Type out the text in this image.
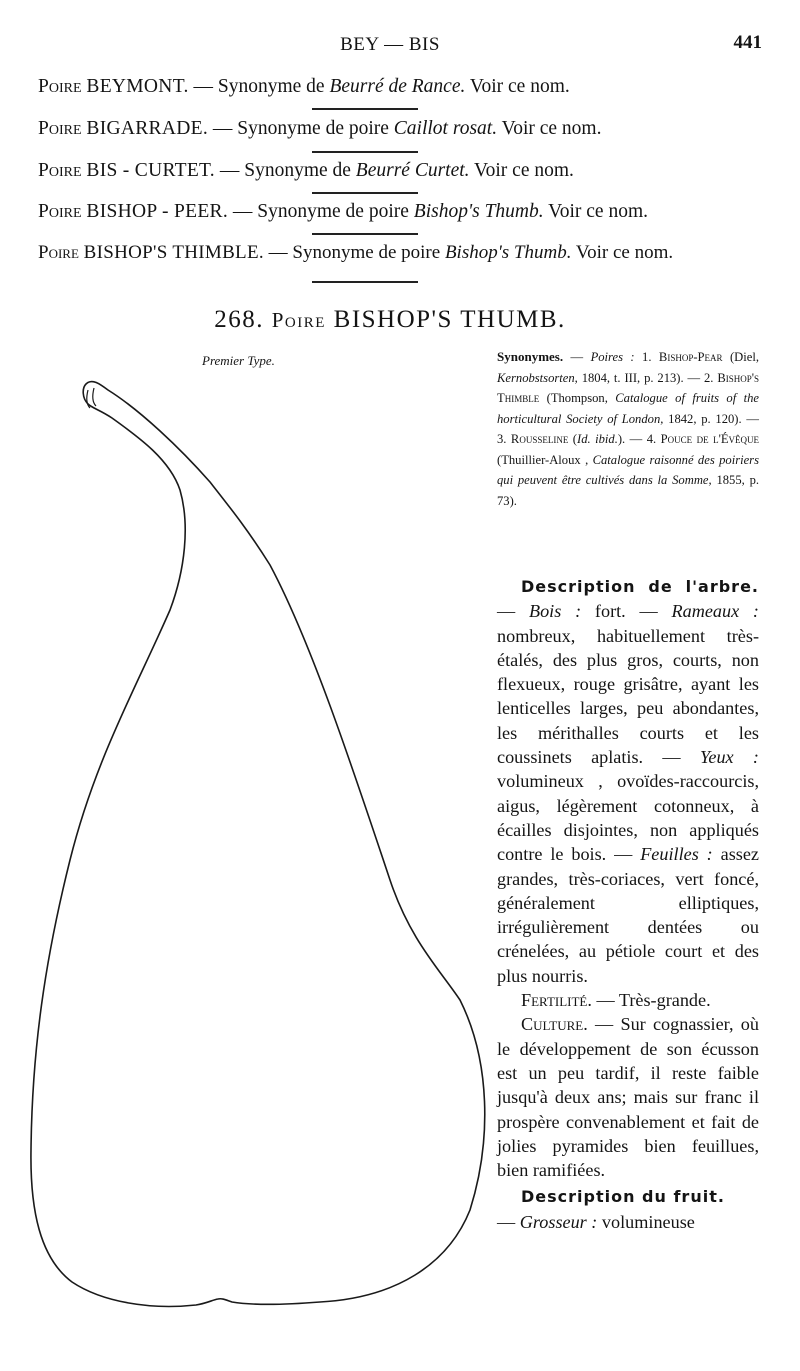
BEY — BIS	441
Poire BEYMONT. — Synonyme de Beurré de Rance. Voir ce nom.
Poire BIGARRADE. — Synonyme de poire Caillot rosat. Voir ce nom.
Poire BIS - CURTET. — Synonyme de Beurré Curtet. Voir ce nom.
Poire BISHOP - PEER. — Synonyme de poire Bishop's Thumb. Voir ce nom.
Poire BISHOP'S THIMBLE. — Synonyme de poire Bishop's Thumb. Voir ce nom.
268. Poire BISHOP'S THUMB.
Premier Type.	Synonymes. — Poires : 1. Bishop-Pear (Diel, Kernobstsorten, 1804, t. III, p. 213). — 2. Bishop's Thimble (Thompson, Catalogue of fruits of the horticultural Society of London, 1842, p. 120). — 3. Rousseline (Id. ibid.). — 4. Pouce de l'Évêque (Thuillier-Aloux , Catalogue raisonné des poiriers qui peuvent être cultivés dans la Somme, 1855, p. 73).

Description de l'arbre. — Bois : fort. — Rameaux : nombreux, habituellement très-étalés, des plus gros, courts, non flexueux, rouge grisâtre, ayant les lenticelles larges, peu abondantes, les mérithalles courts et les coussinets aplatis. — Yeux : volumineux , ovoïdes-raccourcis, aigus, légèrement cotonneux, à écailles disjointes, non appliqués contre le bois. — Feuilles : assez grandes, très-coriaces, vert foncé, généralement elliptiques, irrégulièrement dentées ou crénelées, au pétiole court et des plus nourris.

Fertilité. — Très-grande.

Culture. — Sur cognassier, où le développement de son écusson est un peu tardif, il reste faible jusqu'à deux ans; mais sur franc il prospère convenablement et fait de jolies pyramides bien feuillues, bien ramifiées.

Description du fruit.

— Grosseur : volumineuse
